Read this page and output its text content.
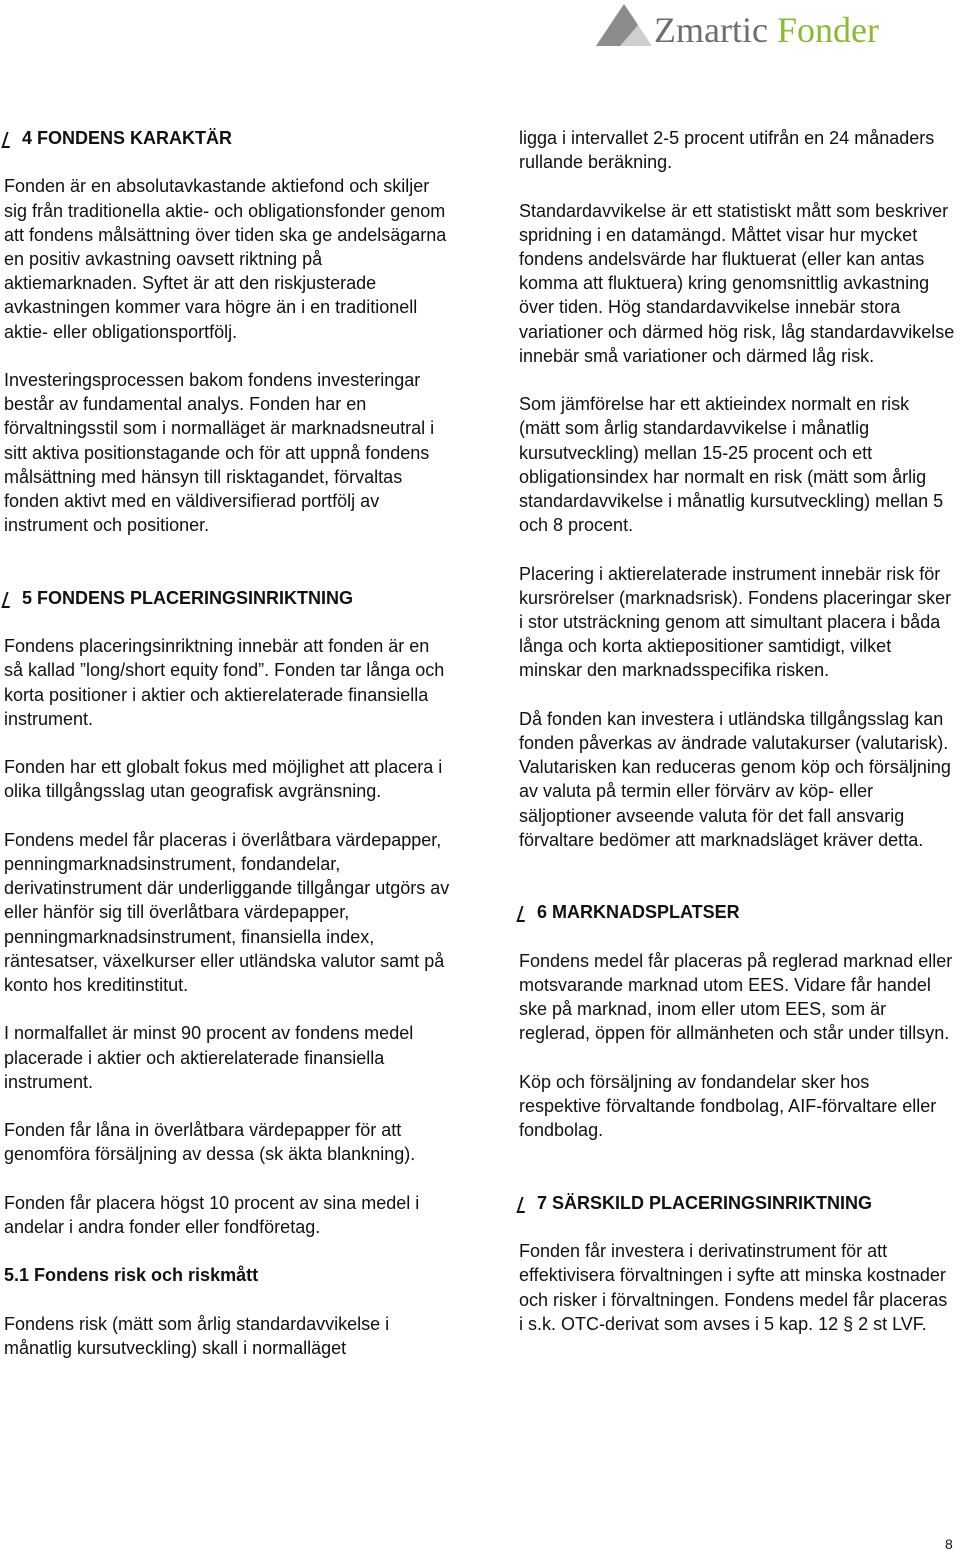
Zmartic Fonder
4 FONDENS KARAKTÄR

Fonden är en absolutavkastande aktiefond och skiljer sig från traditionella aktie- och obligationsfonder genom att fondens målsättning över tiden ska ge andelsägarna en positiv avkastning oavsett riktning på aktiemarknaden. Syftet är att den riskjusterade avkastningen kommer vara högre än i en traditionell aktie- eller obligationsportfölj.

Investeringsprocessen bakom fondens investeringar består av fundamental analys. Fonden har en förvaltningsstil som i normalläget är marknadsneutral i sitt aktiva positionstagande och för att uppnå fondens målsättning med hänsyn till risktagandet, förvaltas fonden aktivt med en väldiversifierad portfölj av instrument och positioner.

5 FONDENS PLACERINGSINRIKTNING

Fondens placeringsinriktning innebär att fonden är en så kallad ”long/short equity fond”. Fonden tar långa och korta positioner i aktier och aktierelaterade finansiella instrument.

Fonden har ett globalt fokus med möjlighet att placera i olika tillgångsslag utan geografisk avgränsning.

Fondens medel får placeras i överlåtbara värdepapper, penningmarknadsinstrument, fondandelar, derivatinstrument där underliggande tillgångar utgörs av eller hänför sig till överlåtbara värdepapper, penningmarknadsinstrument, finansiella index, räntesatser, växelkurser eller utländska valutor samt på konto hos kreditinstitut.

I normalfallet är minst 90 procent av fondens medel placerade i aktier och aktierelaterade finansiella instrument.

Fonden får låna in överlåtbara värdepapper för att genomföra försäljning av dessa (sk äkta blankning).

Fonden får placera högst 10 procent av sina medel i andelar i andra fonder eller fondföretag.

5.1 Fondens risk och riskmått

Fondens risk (mätt som årlig standardavvikelse i månatlig kursutveckling) skall i normalläget

ligga i intervallet 2-5 procent utifrån en 24 månaders rullande beräkning.

Standardavvikelse är ett statistiskt mått som beskriver spridning i en datamängd. Måttet visar hur mycket fondens andelsvärde har fluktuerat (eller kan antas komma att fluktuera) kring genomsnittlig avkastning över tiden. Hög standardavvikelse innebär stora variationer och därmed hög risk, låg standardavvikelse innebär små variationer och därmed låg risk.

Som jämförelse har ett aktieindex normalt en risk (mätt som årlig standardavvikelse i månatlig kursutveckling) mellan 15-25 procent och ett obligationsindex har normalt en risk (mätt som årlig standardavvikelse i månatlig kursutveckling) mellan 5 och 8 procent.

Placering i aktierelaterade instrument innebär risk för kursrörelser (marknadsrisk). Fondens placeringar sker i stor utsträckning genom att simultant placera i båda långa och korta aktiepositioner samtidigt, vilket minskar den marknadsspecifika risken.

Då fonden kan investera i utländska tillgångsslag kan fonden påverkas av ändrade valutakurser (valutarisk).

Valutarisken kan reduceras genom köp och försäljning av valuta på termin eller förvärv av köp- eller säljoptioner avseende valuta för det fall ansvarig förvaltare bedömer att marknadsläget kräver detta.

6 MARKNADSPLATSER

Fondens medel får placeras på reglerad marknad eller motsvarande marknad utom EES. Vidare får handel ske på marknad, inom eller utom EES, som är reglerad, öppen för allmänheten och står under tillsyn.

Köp och försäljning av fondandelar sker hos respektive förvaltande fondbolag, AIF-förvaltare eller fondbolag.

7 SÄRSKILD PLACERINGSINRIKTNING

Fonden får investera i derivatinstrument för att effektivisera förvaltningen i syfte att minska kostnader och risker i förvaltningen. Fondens medel får placeras i s.k. OTC-derivat som avses i 5 kap. 12 § 2 st LVF.

8
